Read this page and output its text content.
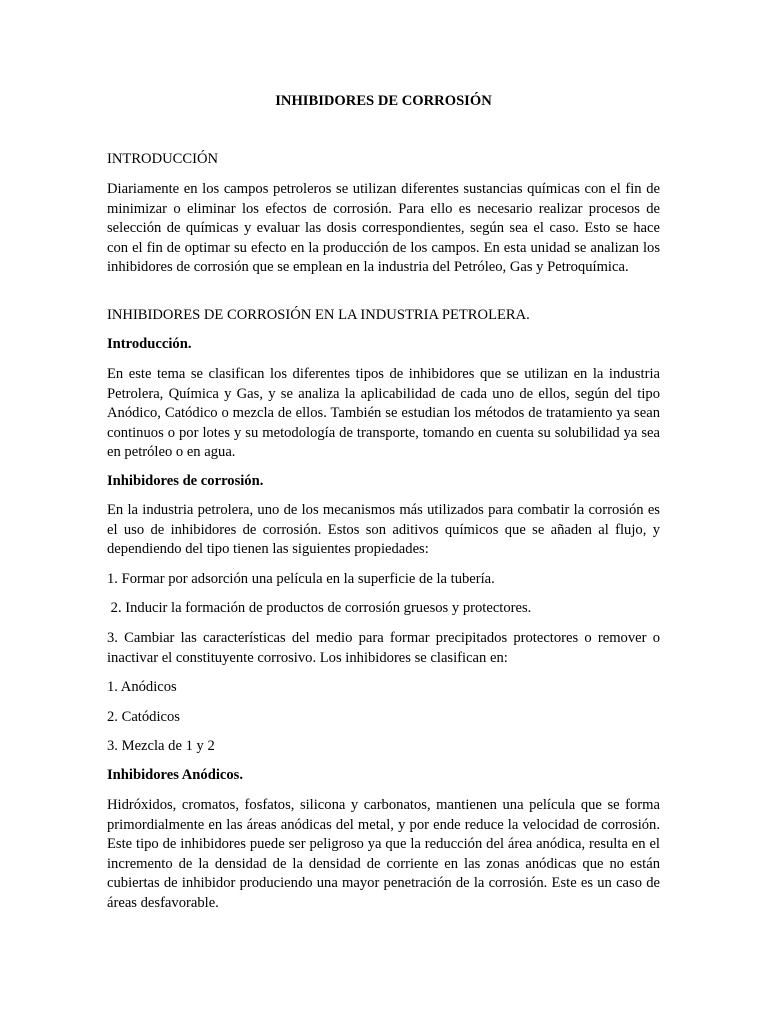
INHIBIDORES DE CORROSIÓN

INTRODUCCIÓN

Diariamente en los campos petroleros se utilizan diferentes sustancias químicas con el fin de minimizar o eliminar los efectos de corrosión. Para ello es necesario realizar procesos de selección de químicas y evaluar las dosis correspondientes, según sea el caso. Esto se hace con el fin de optimar su efecto en la producción de los campos. En esta unidad se analizan los inhibidores de corrosión que se emplean en la industria del Petróleo, Gas y Petroquímica.

INHIBIDORES DE CORROSIÓN EN LA INDUSTRIA PETROLERA.

Introducción.

En este tema se clasifican los diferentes tipos de inhibidores que se utilizan en la industria Petrolera, Química y Gas, y se analiza la aplicabilidad de cada uno de ellos, según del tipo Anódico, Catódico o mezcla de ellos. También se estudian los métodos de tratamiento ya sean continuos o por lotes y su metodología de transporte, tomando en cuenta su solubilidad ya sea en petróleo o en agua.

Inhibidores de corrosión.

En la industria petrolera, uno de los mecanismos más utilizados para combatir la corrosión es el uso de inhibidores de corrosión. Estos son aditivos químicos que se añaden al flujo, y dependiendo del tipo tienen las siguientes propiedades:

1. Formar por adsorción una película en la superficie de la tubería.

2. Inducir la formación de productos de corrosión gruesos y protectores.

3. Cambiar las características del medio para formar precipitados protectores o remover o inactivar el constituyente corrosivo. Los inhibidores se clasifican en:

1. Anódicos

2. Catódicos

3. Mezcla de 1 y 2

Inhibidores Anódicos.

Hidróxidos, cromatos, fosfatos, silicona y carbonatos, mantienen una película que se forma primordialmente en las áreas anódicas del metal, y por ende reduce la velocidad de corrosión. Este tipo de inhibidores puede ser peligroso ya que la reducción del área anódica, resulta en el incremento de la densidad de la densidad de corriente en las zonas anódicas que no están cubiertas de inhibidor produciendo una mayor penetración de la corrosión. Este es un caso de áreas desfavorable.
